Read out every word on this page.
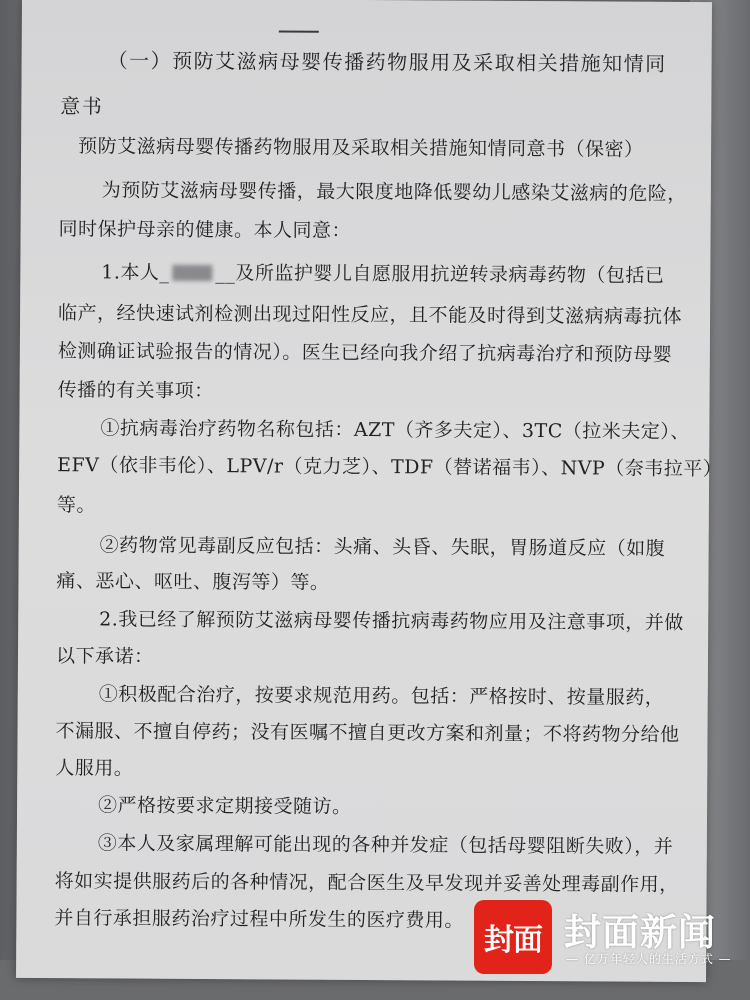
（一）预防艾滋病母婴传播药物服用及采取相关措施知情同
意书
预防艾滋病母婴传播药物服用及采取相关措施知情同意书（保密）
为预防艾滋病母婴传播，最大限度地降低婴幼儿感染艾滋病的危险，
同时保护母亲的健康。本人同意：
1.本人_ __及所监护婴儿自愿服用抗逆转录病毒药物（包括已
临产，经快速试剂检测出现过阳性反应，且不能及时得到艾滋病病毒抗体
检测确证试验报告的情况）。医生已经向我介绍了抗病毒治疗和预防母婴
传播的有关事项：
①抗病毒治疗药物名称包括：AZT（齐多夫定）、3TC（拉米夫定）、
EFV（依非韦伦）、LPV/r（克力芝）、TDF（替诺福韦）、NVP（奈韦拉平）
等。
②药物常见毒副反应包括：头痛、头昏、失眠，胃肠道反应（如腹
痛、恶心、呕吐、腹泻等）等。
2.我已经了解预防艾滋病母婴传播抗病毒药物应用及注意事项，并做
以下承诺：
①积极配合治疗，按要求规范用药。包括：严格按时、按量服药，
不漏服、不擅自停药；没有医嘱不擅自更改方案和剂量；不将药物分给他
人服用。
②严格按要求定期接受随访。
③本人及家属理解可能出现的各种并发症（包括母婴阻断失败），并
将如实提供服药后的各种情况，配合医生及早发现并妥善处理毒副作用，
并自行承担服药治疗过程中所发生的医疗费用。
封面 封面新闻
— 亿万年轻人的生活方式 —
